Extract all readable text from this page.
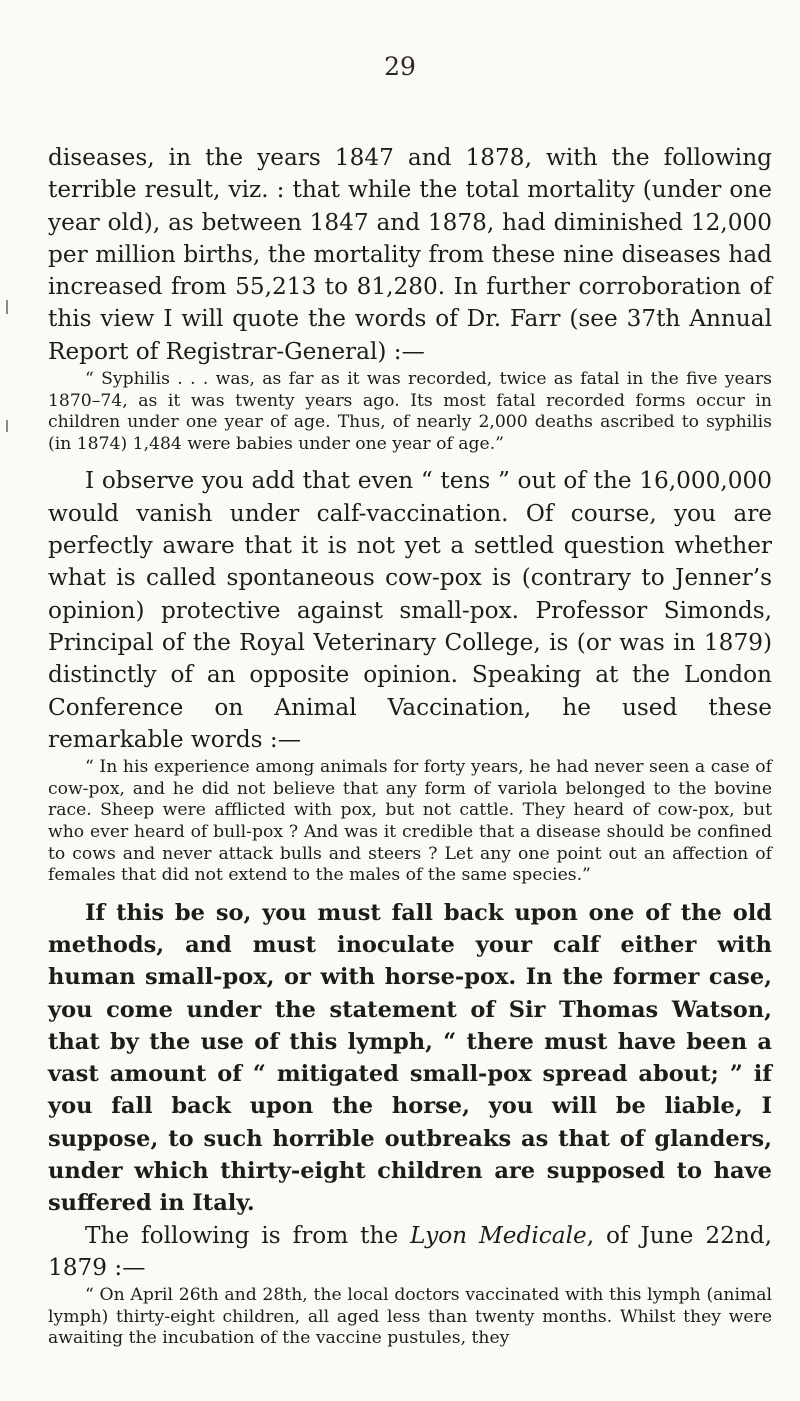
29

diseases, in the years 1847 and 1878, with the following terrible result, viz. : that while the total mortality (under one year old), as between 1847 and 1878, had diminished 12,000 per million births, the mortality from these nine diseases had increased from 55,213 to 81,280. In further corroboration of this view I will quote the words of Dr. Farr (see 37th Annual Report of Registrar-General) :—

“ Syphilis . . . was, as far as it was recorded, twice as fatal in the five years 1870–74, as it was twenty years ago. Its most fatal recorded forms occur in children under one year of age. Thus, of nearly 2,000 deaths ascribed to syphilis (in 1874) 1,484 were babies under one year of age.”

I observe you add that even “ tens ” out of the 16,000,000 would vanish under calf-vaccination. Of course, you are perfectly aware that it is not yet a settled question whether what is called spontaneous cow-pox is (contrary to Jenner’s opinion) protective against small-pox. Professor Simonds, Principal of the Royal Veterinary College, is (or was in 1879) distinctly of an opposite opinion. Speaking at the London Conference on Animal Vaccination, he used these remarkable words :—

“ In his experience among animals for forty years, he had never seen a case of cow-pox, and he did not believe that any form of variola belonged to the bovine race. Sheep were afflicted with pox, but not cattle. They heard of cow-pox, but who ever heard of bull-pox ? And was it credible that a disease should be confined to cows and never attack bulls and steers ? Let any one point out an affection of females that did not extend to the males of the same species.”

If this be so, you must fall back upon one of the old methods, and must inoculate your calf either with human small-pox, or with horse-pox. In the former case, you come under the statement of Sir Thomas Watson, that by the use of this lymph, “ there must have been a vast amount of “ mitigated small-pox spread about; ” if you fall back upon the horse, you will be liable, I suppose, to such horrible outbreaks as that of glanders, under which thirty-eight children are supposed to have suffered in Italy.

The following is from the Lyon Medicale, of June 22nd, 1879 :—

“ On April 26th and 28th, the local doctors vaccinated with this lymph (animal lymph) thirty-eight children, all aged less than twenty months. Whilst they were awaiting the incubation of the vaccine pustules, they
